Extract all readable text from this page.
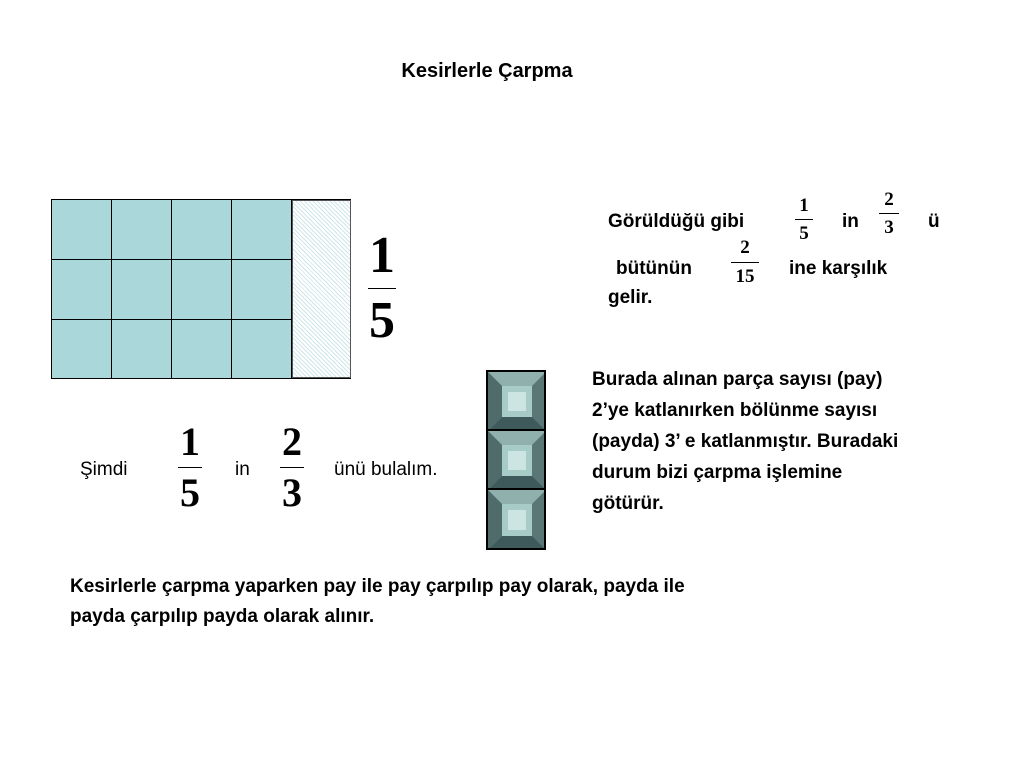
Kesirlerle Çarpma
1
5
Görüldüğü gibi
1
5
in
2
3	ü
bütünün
2
15	ine karşılık
gelir.
Şimdi
1
5
in
2
3
ünü bulalım.
Burada alınan parça sayısı (pay)
2’ye katlanırken bölünme sayısı
(payda) 3’ e katlanmıştır. Buradaki
durum bizi çarpma işlemine
götürür.
Kesirlerle çarpma yaparken pay ile pay çarpılıp pay olarak, payda ile
payda çarpılıp payda olarak alınır.
